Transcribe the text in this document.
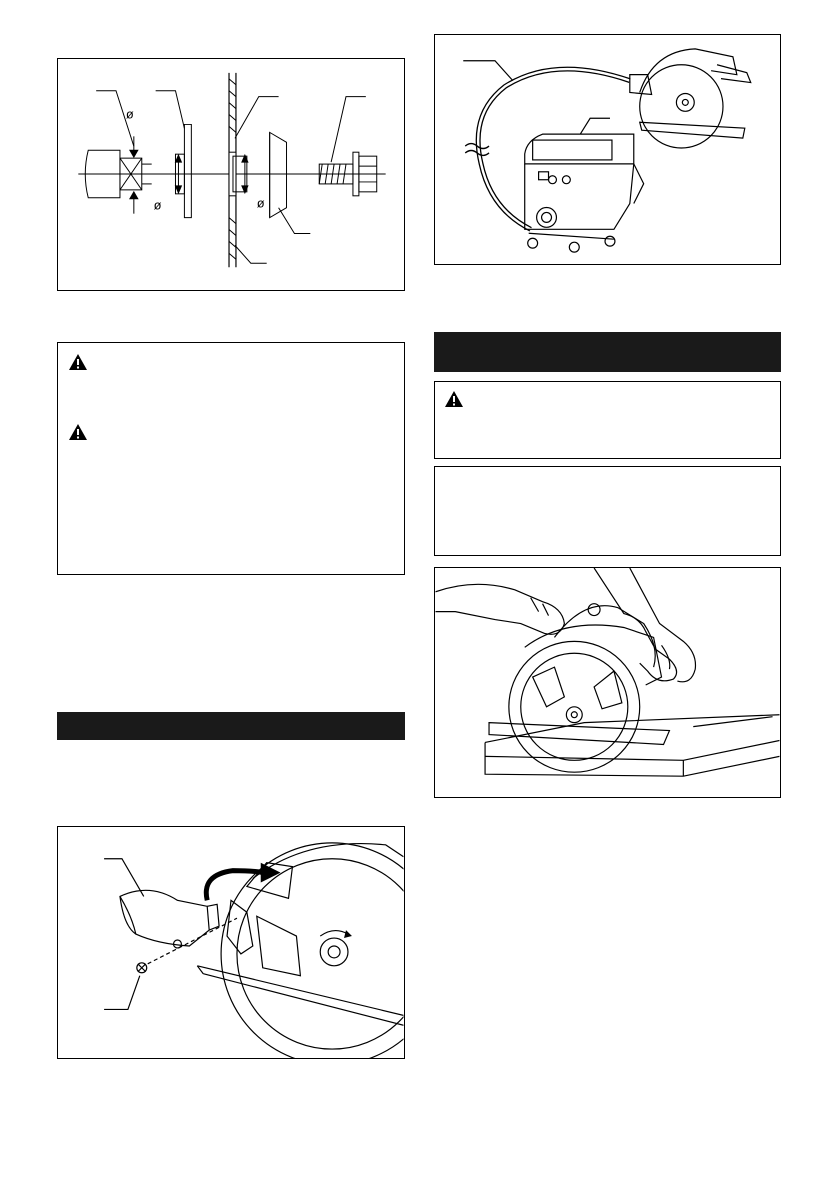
ø
ø	ø
